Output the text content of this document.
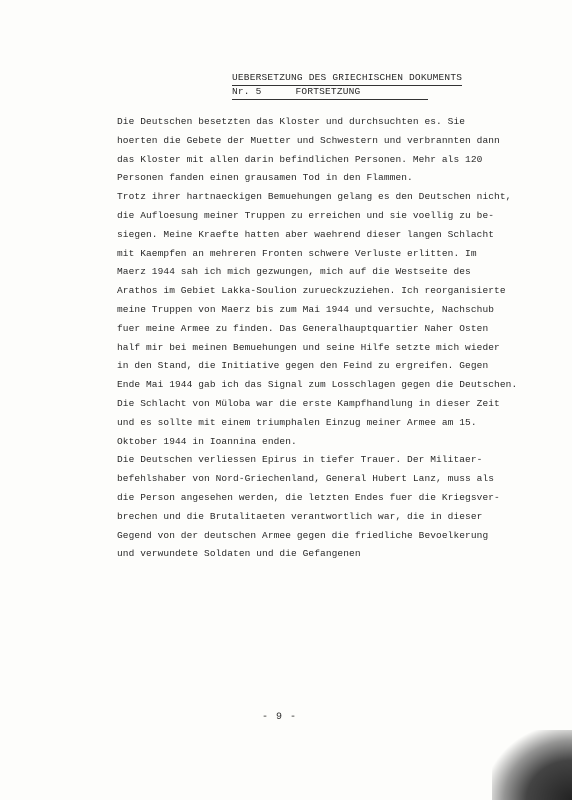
UEBERSETZUNG DES GRIECHISCHEN DOKUMENTS
Nr. 5	FORTSETZUNG

Die Deutschen besetzten das Kloster und durchsuchten es. Sie

hoerten die Gebete der Muetter und Schwestern und verbrannten dann

das Kloster mit allen darin befindlichen Personen. Mehr als 120

Personen fanden einen grausamen Tod in den Flammen.

Trotz ihrer hartnaeckigen Bemuehungen gelang es den Deutschen nicht,

die Aufloesung meiner Truppen zu erreichen und sie voellig zu be-

siegen. Meine Kraefte hatten aber waehrend dieser langen Schlacht

mit Kaempfen an mehreren Fronten schwere Verluste erlitten. Im

Maerz 1944 sah ich mich gezwungen, mich auf die Westseite des

Arathos im Gebiet Lakka-Soulion zurueckzuziehen. Ich reorganisierte

meine Truppen von Maerz bis zum Mai 1944 und versuchte, Nachschub

fuer meine Armee zu finden. Das Generalhauptquartier Naher Osten

half mir bei meinen Bemuehungen und seine Hilfe setzte mich wieder

in den Stand, die Initiative gegen den Feind zu ergreifen. Gegen

Ende Mai 1944 gab ich das Signal zum Losschlagen gegen die Deutschen.

Die Schlacht von Müloba war die erste Kampfhandlung in dieser Zeit

und es sollte mit einem triumphalen Einzug meiner Armee am 15.

Oktober 1944 in Ioannina enden.

Die Deutschen verliessen Epirus in tiefer Trauer. Der Militaer-

befehlshaber von Nord-Griechenland, General Hubert Lanz, muss als

die Person angesehen werden, die letzten Endes fuer die Kriegsver-

brechen und die Brutalitaeten verantwortlich war, die in dieser

Gegend von der deutschen Armee gegen die friedliche Bevoelkerung

und verwundete Soldaten und die Gefangenen

- 9 -
